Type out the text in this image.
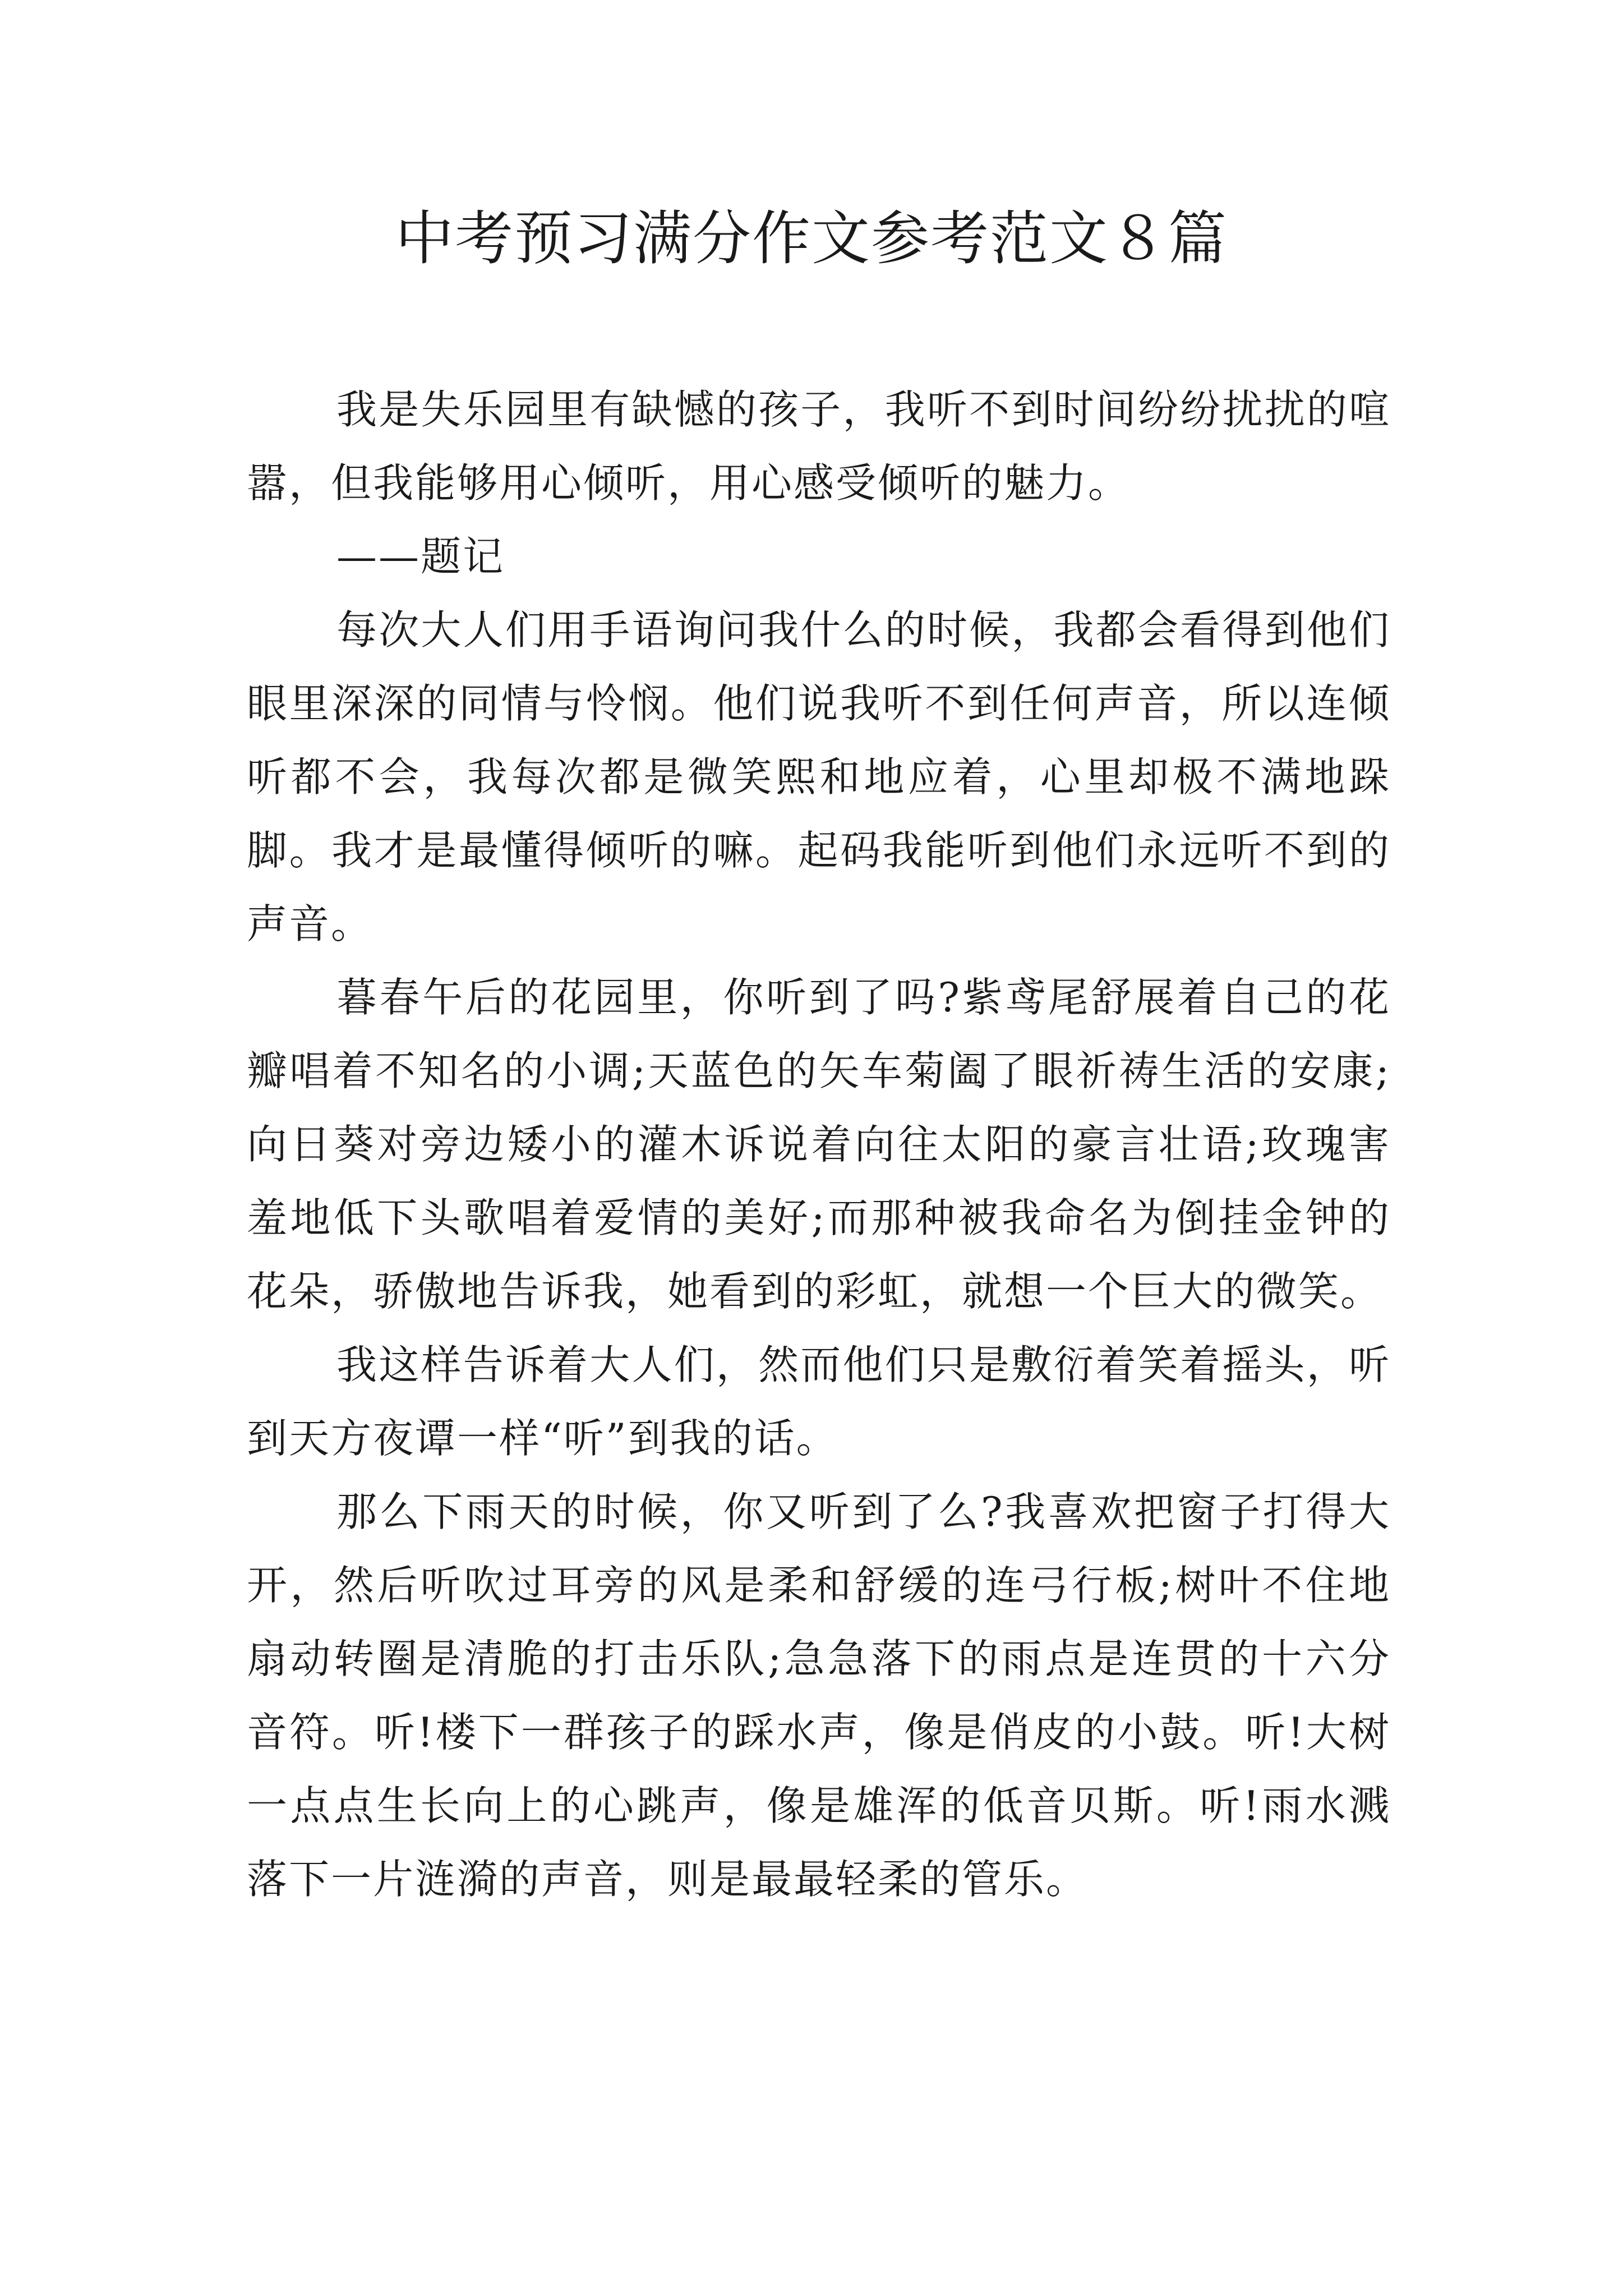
中考预习满分作文参考范文８篇

我是失乐园里有缺憾的孩子，我听不到时间纷纷扰扰的喧嚣，但我能够用心倾听，用心感受倾听的魅力。

——题记

每次大人们用手语询问我什么的时候，我都会看得到他们眼里深深的同情与怜悯。他们说我听不到任何声音，所以连倾听都不会，我每次都是微笑熙和地应着，心里却极不满地跺脚。我才是最懂得倾听的嘛。起码我能听到他们永远听不到的声音。

暮春午后的花园里，你听到了吗?紫鸢尾舒展着自己的花瓣唱着不知名的小调;天蓝色的矢车菊阖了眼祈祷生活的安康;向日葵对旁边矮小的灌木诉说着向往太阳的豪言壮语;玫瑰害羞地低下头歌唱着爱情的美好;而那种被我命名为倒挂金钟的花朵，骄傲地告诉我，她看到的彩虹，就想一个巨大的微笑。

我这样告诉着大人们，然而他们只是敷衍着笑着摇头，听到天方夜谭一样“听”到我的话。

那么下雨天的时候，你又听到了么?我喜欢把窗子打得大开，然后听吹过耳旁的风是柔和舒缓的连弓行板;树叶不住地扇动转圈是清脆的打击乐队;急急落下的雨点是连贯的十六分音符。听!楼下一群孩子的踩水声，像是俏皮的小鼓。听!大树一点点生长向上的心跳声，像是雄浑的低音贝斯。听!雨水溅落下一片涟漪的声音，则是最最轻柔的管乐。
